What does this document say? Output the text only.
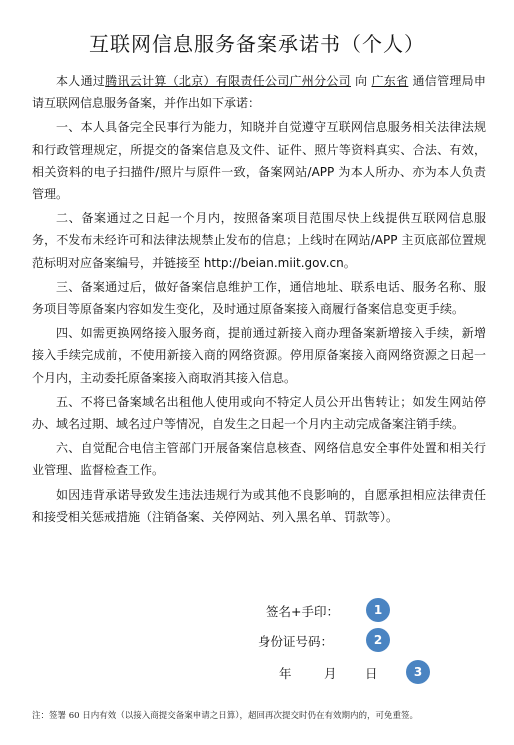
互联网信息服务备案承诺书（个人）

本人通过腾讯云计算（北京）有限责任公司广州分公司 向 广东省 通信管理局申请互联网信息服务备案，并作出如下承诺：

一、本人具备完全民事行为能力，知晓并自觉遵守互联网信息服务相关法律法规和行政管理规定，所提交的备案信息及文件、证件、照片等资料真实、合法、有效，相关资料的电子扫描件/照片与原件一致，备案网站/APP 为本人所办、亦为本人负责管理。

二、备案通过之日起一个月内，按照备案项目范围尽快上线提供互联网信息服务，不发布未经许可和法律法规禁止发布的信息；上线时在网站/APP 主页底部位置规范标明对应备案编号，并链接至 http://beian.miit.gov.cn。

三、备案通过后，做好备案信息维护工作，通信地址、联系电话、服务名称、服务项目等原备案内容如发生变化，及时通过原备案接入商履行备案信息变更手续。

四、如需更换网络接入服务商，提前通过新接入商办理备案新增接入手续，新增接入手续完成前，不使用新接入商的网络资源。停用原备案接入商网络资源之日起一个月内，主动委托原备案接入商取消其接入信息。

五、不将已备案域名出租他人使用或向不特定人员公开出售转让；如发生网站停办、域名过期、域名过户等情况，自发生之日起一个月内主动完成备案注销手续。

六、自觉配合电信主管部门开展备案信息核查、网络信息安全事件处置和相关行业管理、监督检查工作。

如因违背承诺导致发生违法违规行为或其他不良影响的，自愿承担相应法律责任和接受相关惩戒措施（注销备案、关停网站、列入黑名单、罚款等）。

签名+手印：	1
身份证号码：	2
年	月 日	3
注：签署 60 日内有效（以接入商提交备案申请之日算），超回再次提交时仍在有效期内的，可免重签。
